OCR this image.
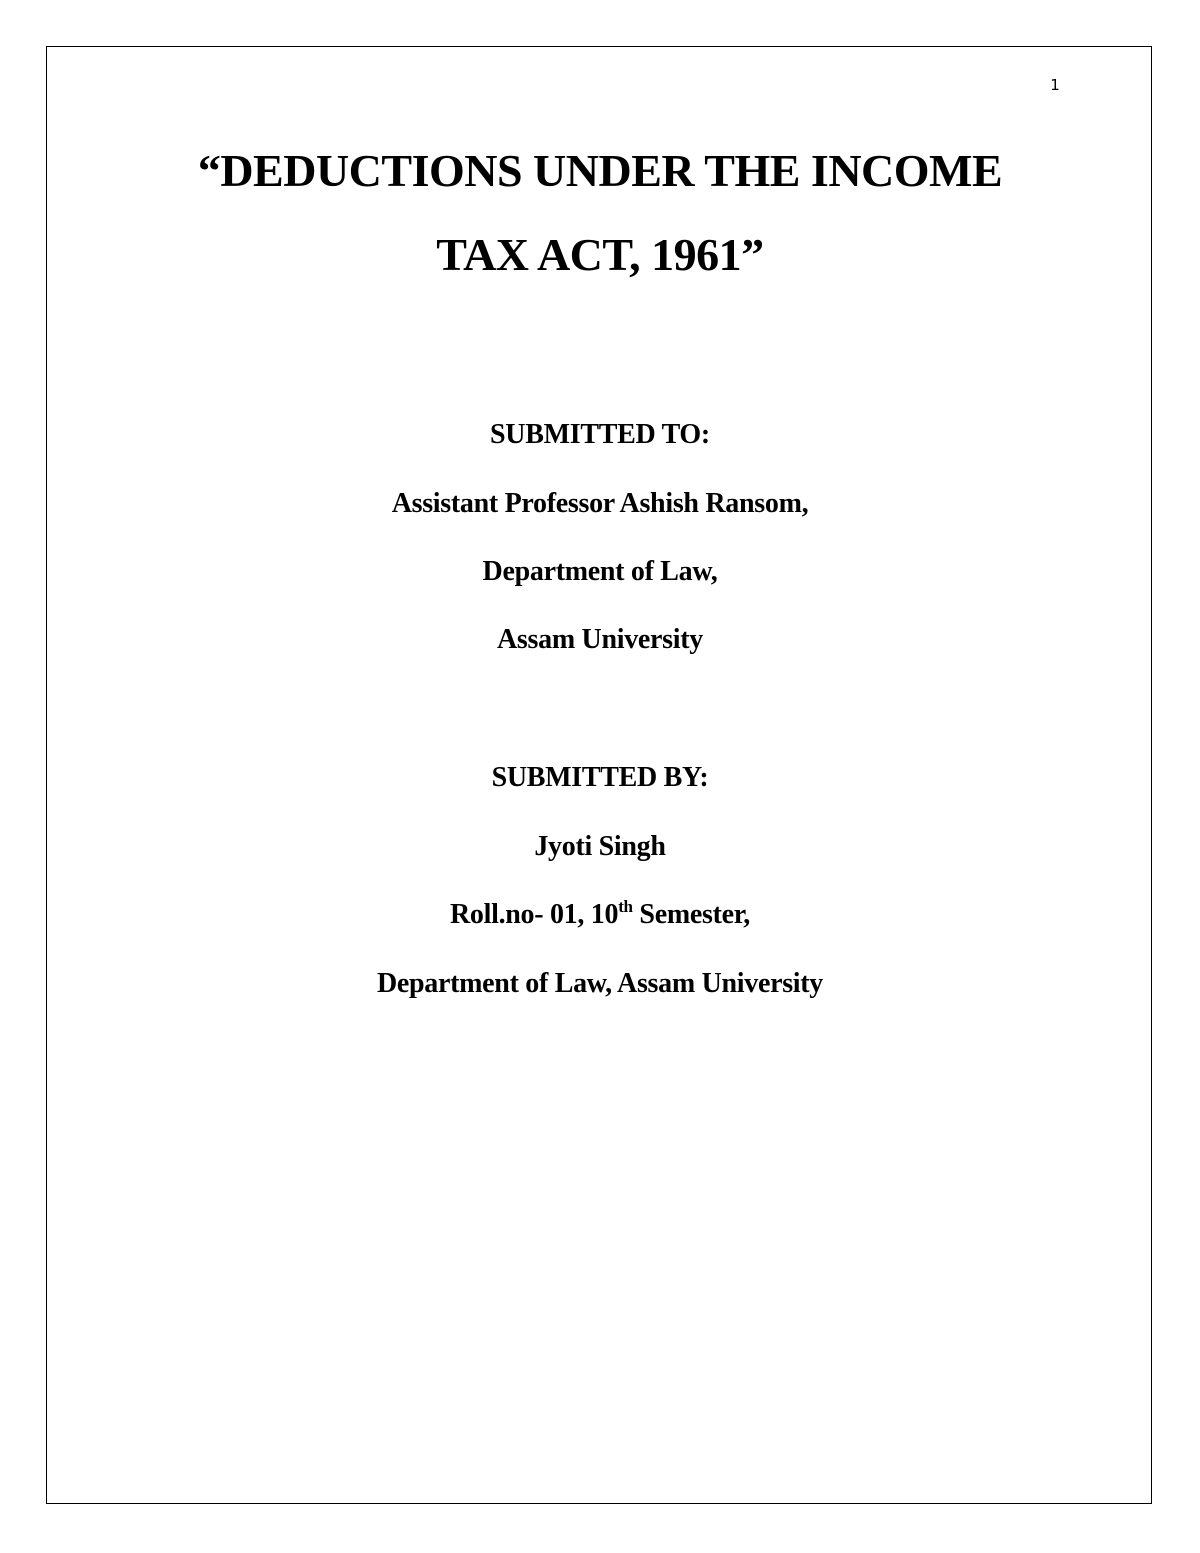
1
“DEDUCTIONS UNDER THE INCOME
TAX ACT, 1961”
SUBMITTED TO:
Assistant Professor Ashish Ransom,
Department of Law,
Assam University
SUBMITTED BY:
Jyoti Singh
Roll.no- 01, 10th Semester,
Department of Law, Assam University
